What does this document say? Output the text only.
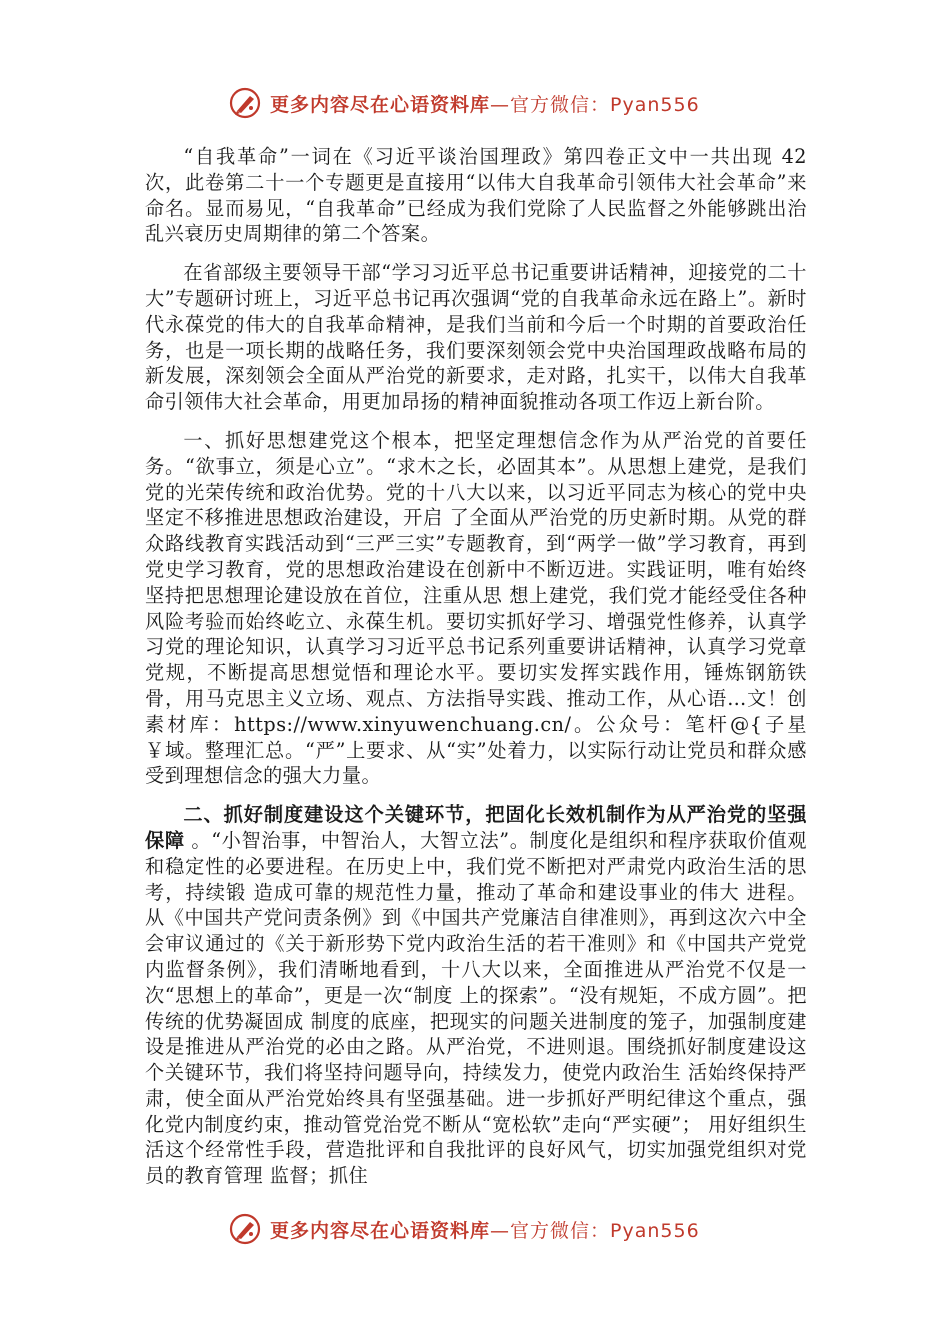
更多内容尽在心语资料库—官方微信：Pyan556

“自我革命”一词在《习近平谈治国理政》第四卷正文中一共出现 42 次，此卷第二十一个专题更是直接用“以伟大自我革命引领伟大社会革命”来命名。显而易见，“自我革命”已经成为我们党除了人民监督之外能够跳出治乱兴衰历史周期律的第二个答案。

在省部级主要领导干部“学习习近平总书记重要讲话精神，迎接党的二十大”专题研讨班上，习近平总书记再次强调“党的自我革命永远在路上”。新时代永葆党的伟大的自我革命精神，是我们当前和今后一个时期的首要政治任务，也是一项长期的战略任务，我们要深刻领会党中央治国理政战略布局的新发展，深刻领会全面从严治党的新要求，走对路，扎实干，以伟大自我革命引领伟大社会革命，用更加昂扬的精神面貌推动各项工作迈上新台阶。

一、抓好思想建党这个根本，把坚定理想信念作为从严治党的首要任务。“欲事立，须是心立”。“求木之长，必固其本”。从思想上建党，是我们党的光荣传统和政治优势。党的十八大以来，以习近平同志为核心的党中央坚定不移推进思想政治建设，开启 了全面从严治党的历史新时期。从党的群众路线教育实践活动到“三严三实”专题教育，到“两学一做”学习教育，再到党史学习教育，党的思想政治建设在创新中不断迈进。实践证明，唯有始终坚持把思想理论建设放在首位，注重从思 想上建党，我们党才能经受住各种风险考验而始终屹立、永葆生机。要切实抓好学习、增强党性修养，认真学习党的理论知识，认真学习习近平总书记系列重要讲话精神，认真学习党章党规，不断提高思想觉悟和理论水平。要切实发挥实践作用，锤炼钢筋铁骨，用马克思主义立场、观点、方法指导实践、推动工作，从心语…文！创素材库：https://www.xinyuwenchuang.cn/。公众号：笔杆@{子星￥域。整理汇总。“严”上要求、从“实”处着力，以实际行动让党员和群众感受到理想信念的强大力量。

二、抓好制度建设这个关键环节，把固化长效机制作为从严治党的坚强保障 。“小智治事，中智治人，大智立法”。制度化是组织和程序获取价值观和稳定性的必要进程。在历史上中，我们党不断把对严肃党内政治生活的思考，持续锻 造成可靠的规范性力量，推动了革命和建设事业的伟大 进程。从《中国共产党问责条例》到《中国共产党廉洁自律准则》，再到这次六中全会审议通过的《关于新形势下党内政治生活的若干准则》和《中国共产党党内监督条例》，我们清晰地看到，十八大以来，全面推进从严治党不仅是一次“思想上的革命”，更是一次“制度 上的探索”。“没有规矩，不成方圆”。把传统的优势凝固成 制度的底座，把现实的问题关进制度的笼子，加强制度建设是推进从严治党的必由之路。从严治党，不进则退。围绕抓好制度建设这个关键环节，我们将坚持问题导向，持续发力，使党内政治生 活始终保持严肃，使全面从严治党始终具有坚强基础。进一步抓好严明纪律这个重点，强化党内制度约束，推动管党治党不断从“宽松软”走向“严实硬”； 用好组织生活这个经常性手段，营造批评和自我批评的良好风气，切实加强党组织对党员的教育管理 监督；抓住

更多内容尽在心语资料库—官方微信：Pyan556
